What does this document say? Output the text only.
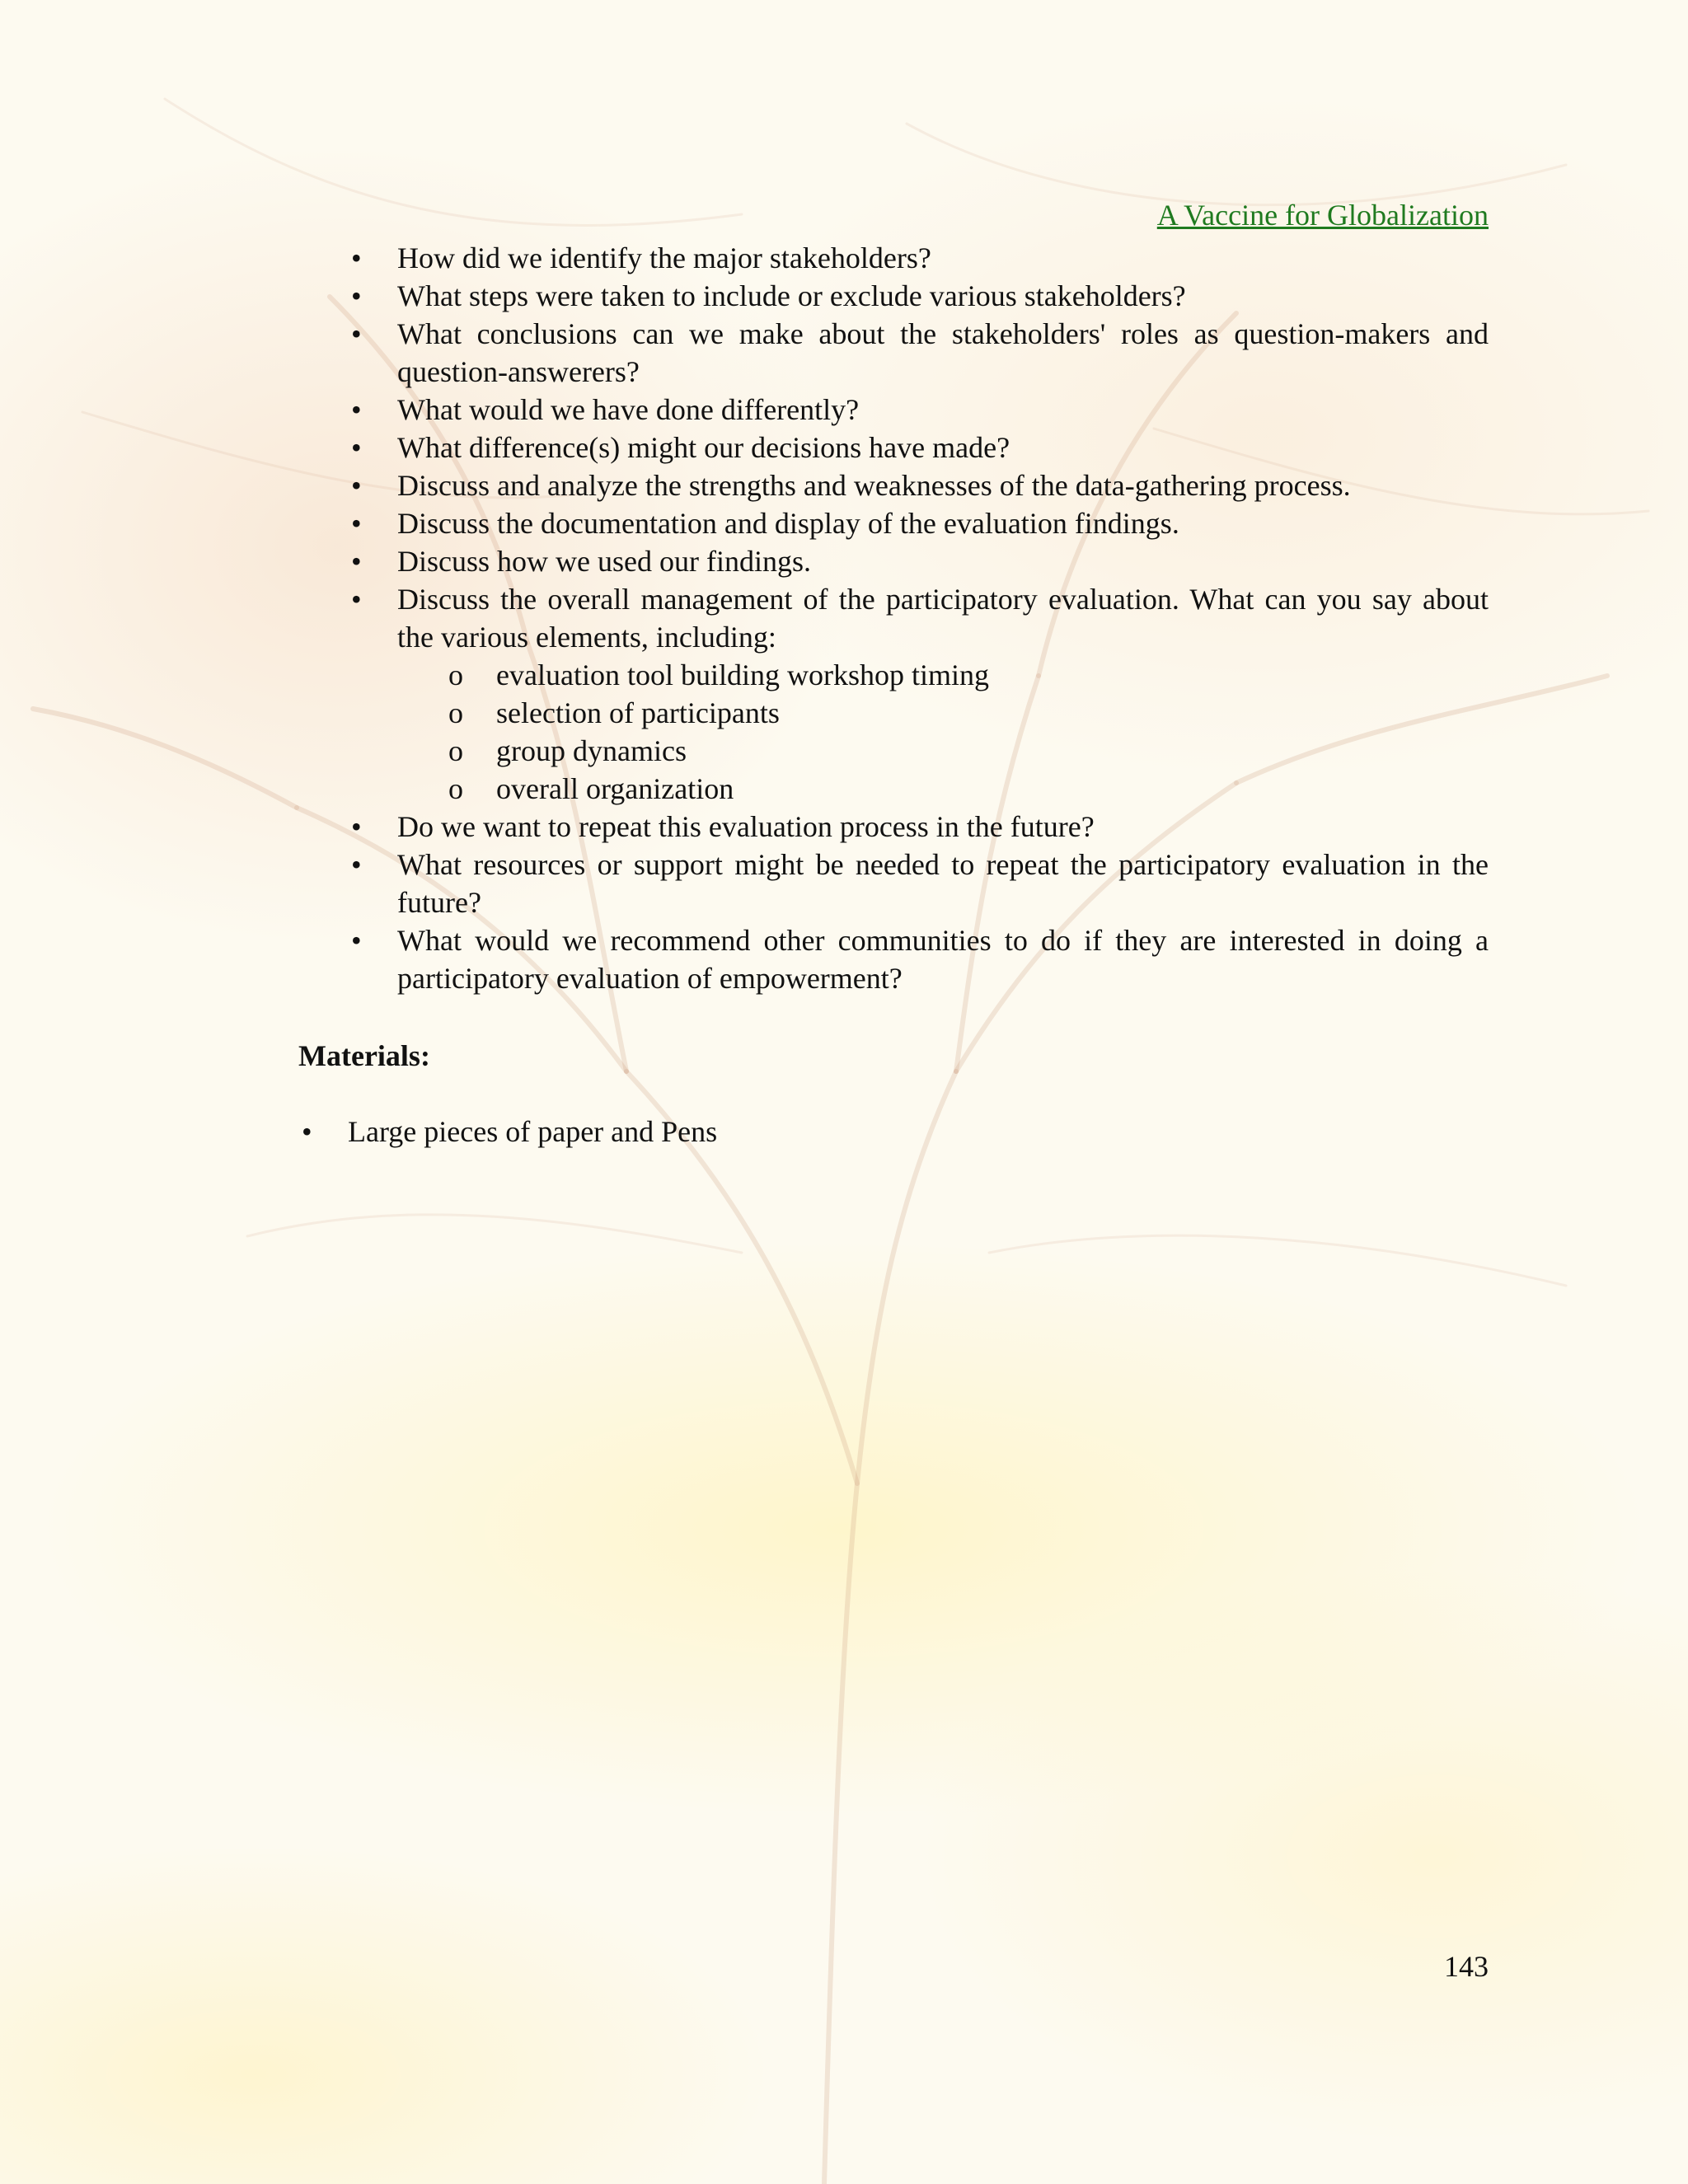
A Vaccine for Globalization
• How did we identify the major stakeholders?
• What steps were taken to include or exclude various stakeholders?
• What conclusions can we make about the stakeholders' roles as question-makers and question-answerers?
• What would we have done differently?
• What difference(s) might our decisions have made?
• Discuss and analyze the strengths and weaknesses of the data-gathering process.
• Discuss the documentation and display of the evaluation findings.
• Discuss how we used our findings.
• Discuss the overall management of the participatory evaluation. What can you say about the various elements, including:
o evaluation tool building workshop timing
o selection of participants
o group dynamics
o overall organization
• Do we want to repeat this evaluation process in the future?
• What resources or support might be needed to repeat the participatory evaluation in the future?
• What would we recommend other communities to do if they are interested in doing a participatory evaluation of empowerment?
Materials:
• Large pieces of paper and Pens
143
